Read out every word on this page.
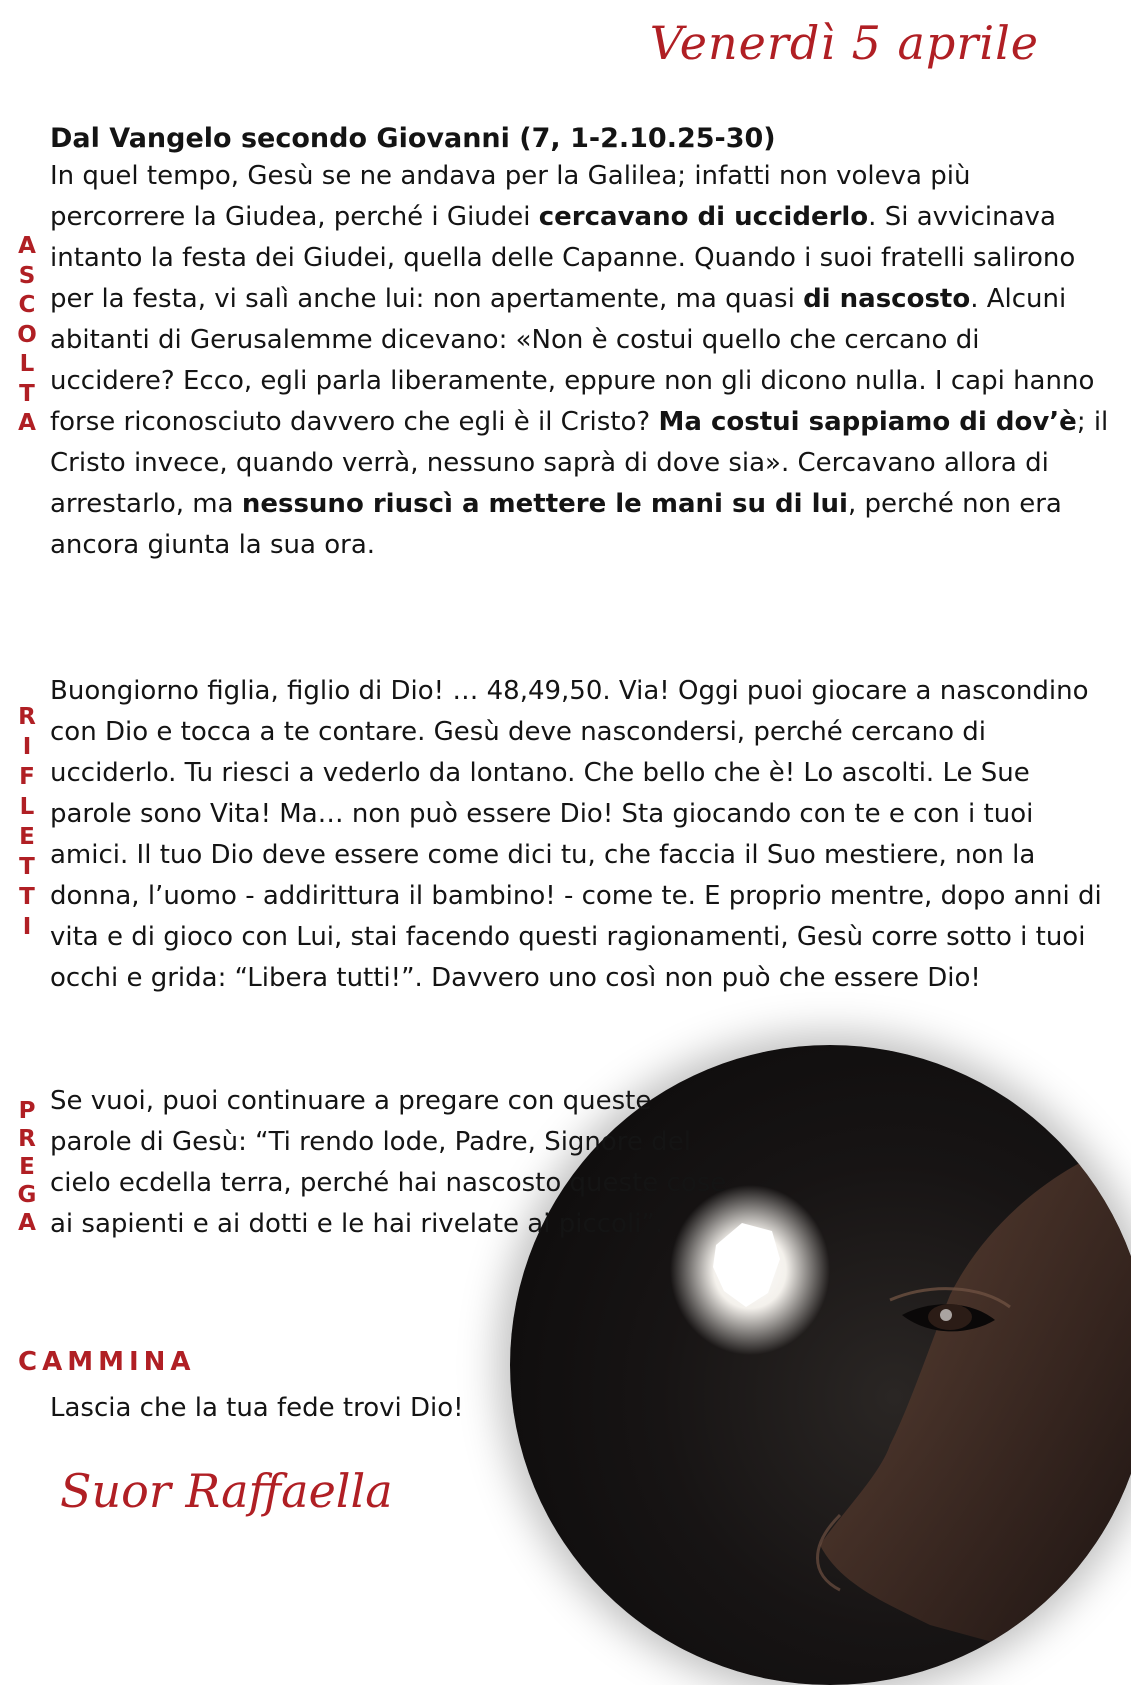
Venerdì 5 aprile
A
S
C
O
L
T
A
Dal Vangelo secondo Giovanni (7, 1-2.10.25-30)
In quel tempo, Gesù se ne andava per la Galilea; infatti non voleva più percorrere la Giudea, perché i Giudei cercavano di ucciderlo. Si avvicinava intanto la festa dei Giudei, quella delle Capanne. Quando i suoi fratelli salirono per la festa, vi salì anche lui: non apertamente, ma quasi di nascosto. Alcuni abitanti di Gerusalemme dicevano: «Non è costui quello che cercano di uccidere? Ecco, egli parla liberamente, eppure non gli dicono nulla. I capi hanno forse riconosciuto davvero che egli è il Cristo? Ma costui sappiamo di dov’è; il Cristo invece, quando verrà, nessuno saprà di dove sia». Cercavano allora di arrestarlo, ma nessuno riuscì a mettere le mani su di lui, perché non era ancora giunta la sua ora.
R
I
F
L
E
T
T
I
Buongiorno figlia, figlio di Dio! … 48,49,50. Via! Oggi puoi giocare a nascondino con Dio e tocca a te contare. Gesù deve nascondersi, perché cercano di ucciderlo. Tu riesci a vederlo da lontano. Che bello che è! Lo ascolti. Le Sue parole sono Vita! Ma… non può essere Dio! Sta giocando con te e con i tuoi amici. Il tuo Dio deve essere come dici tu, che faccia il Suo mestiere, non la donna, l’uomo - addirittura il bambino! - come te. E proprio mentre, dopo anni di vita e di gioco con Lui, stai facendo questi ragionamenti, Gesù corre sotto i tuoi occhi e grida: “Libera tutti!”. Davvero uno così non può che essere Dio!
P
R
E
G
A
Se vuoi, puoi continuare a pregare con queste parole di Gesù: “Ti rendo lode, Padre, Signore del cielo ecdella terra, perché hai nascosto queste cose ai sapienti e ai dotti e le hai rivelate ai piccoli”.
CAMMINA
Lascia che la tua fede trovi Dio!
Suor Raffaella
